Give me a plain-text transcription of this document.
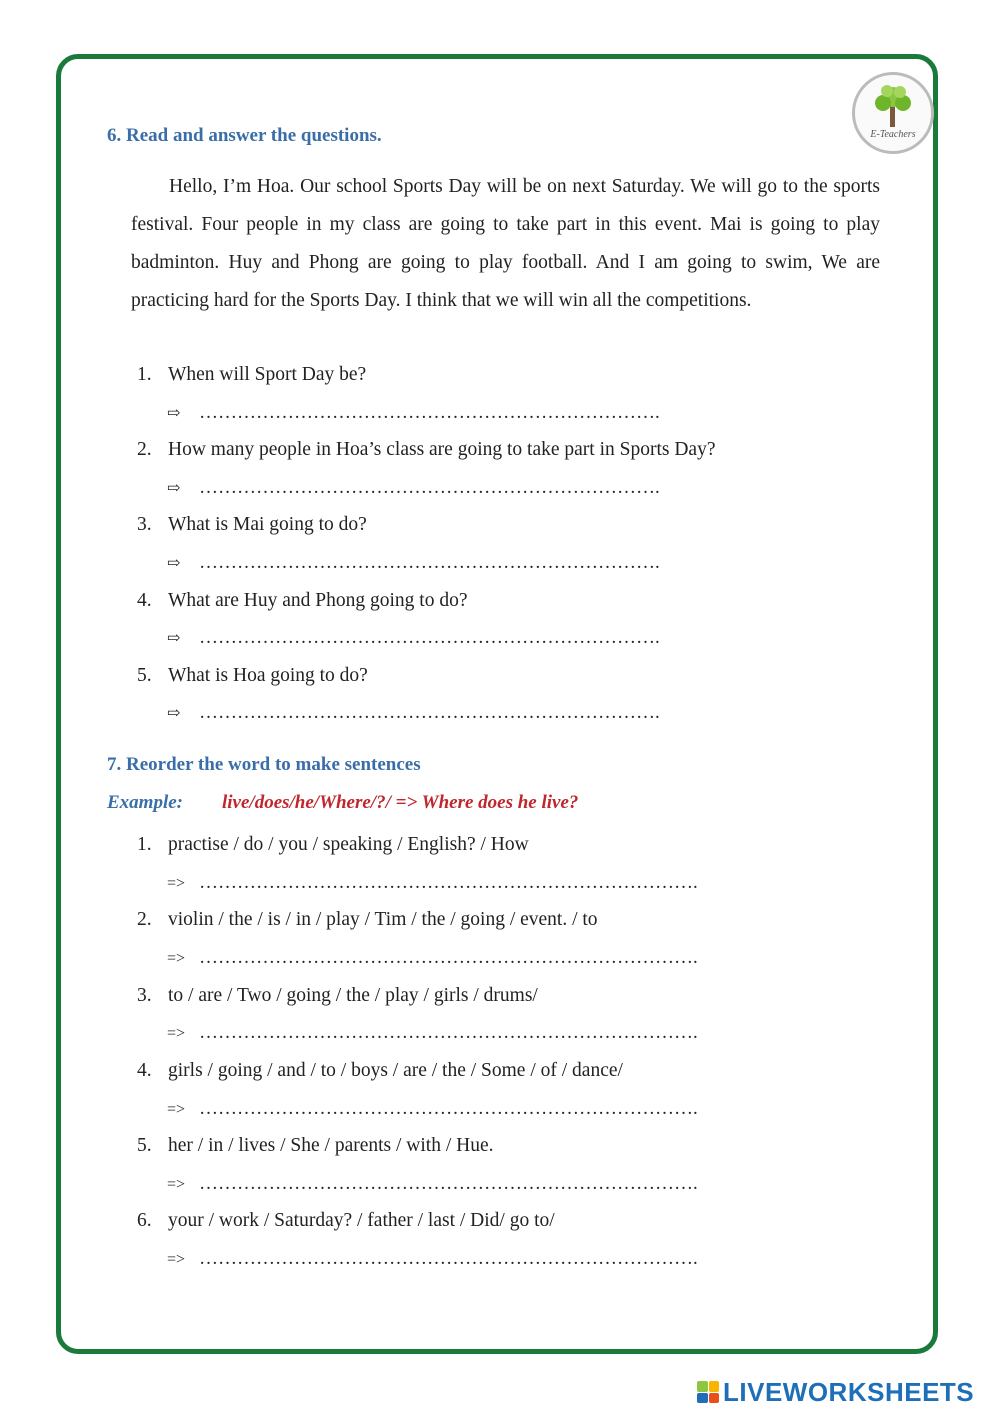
E-Teachers
6. Read and answer the questions.

Hello, I’m Hoa. Our school Sports Day will be on next Saturday. We will go to the sports festival. Four people in my class are going to take part in this event. Mai is going to play badminton. Huy and Phong are going to play football. And I am going to swim, We are practicing hard for the Sports Day. I think that we will win all the competitions.

1. When will Sport Day be?
⇨ ……………………………………………………………….
2. How many people in Hoa’s class are going to take part in Sports Day?
⇨ ……………………………………………………………….
3. What is Mai going to do?
⇨ ……………………………………………………………….
4. What are Huy and Phong going to do?
⇨ ……………………………………………………………….
5. What is Hoa going to do?
⇨ ……………………………………………………………….
7. Reorder the word to make sentences
Example: live/does/he/Where/?/ => Where does he live?
1. practise / do / you / speaking / English? / How
=> …………………………………………………………………….
2. violin / the / is / in / play / Tim / the / going / event. / to
=> …………………………………………………………………….
3. to / are / Two / going / the / play / girls / drums/
=> …………………………………………………………………….
4. girls / going / and / to / boys / are / the / Some / of / dance/
=> …………………………………………………………………….
5. her / in / lives / She / parents / with / Hue.
=> …………………………………………………………………….
6. your / work / Saturday? / father / last / Did/ go to/
=> …………………………………………………………………….
LIVEWORKSHEETS
